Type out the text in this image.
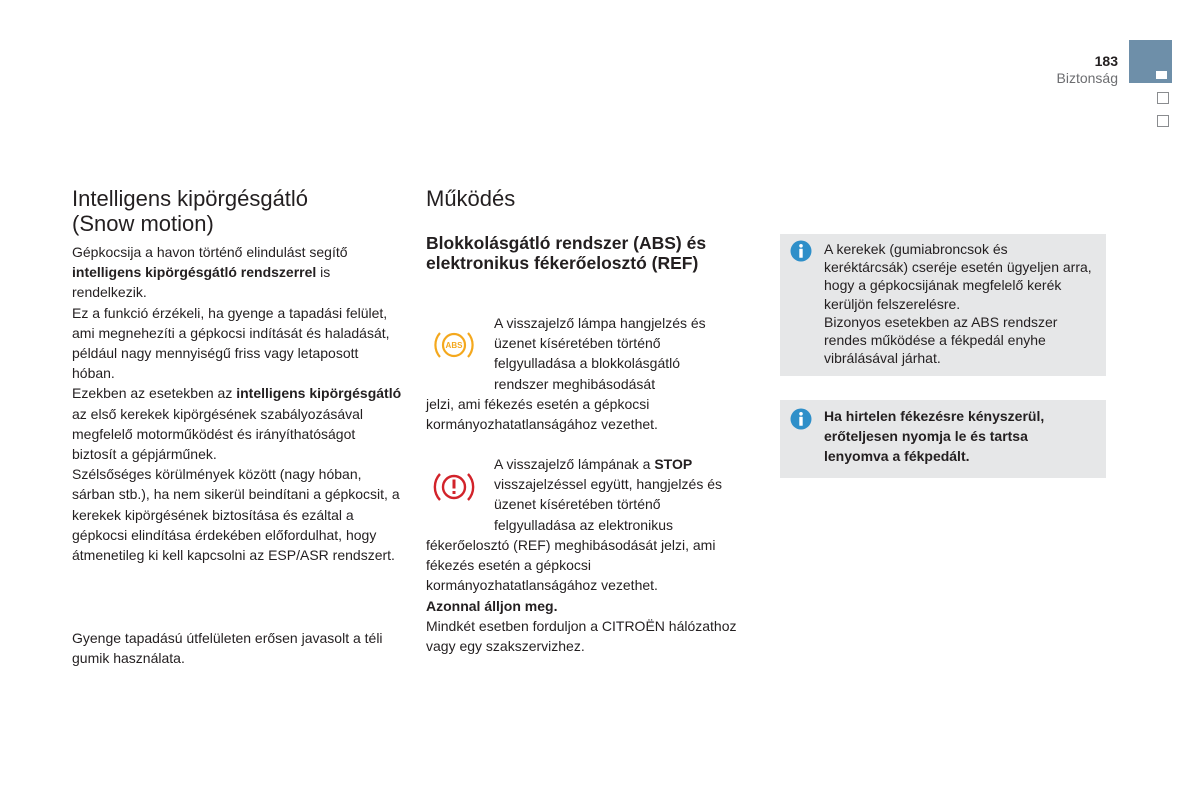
183
Biztonság
Intelligens kipörgésgátló
(Snow motion)

Gépkocsija a havon történő elindulást segítő intelligens kipörgésgátló rendszerrel is rendelkezik.

Ez a funkció érzékeli, ha gyenge a tapadási felület, ami megnehezíti a gépkocsi indítását és haladását, például nagy mennyiségű friss vagy letaposott hóban.

Ezekben az esetekben az intelligens kipörgésgátló az első kerekek kipörgésének szabályozásával megfelelő motorműködést és irányíthatóságot biztosít a gépjárműnek.

Szélsőséges körülmények között (nagy hóban, sárban stb.), ha nem sikerül beindítani a gépkocsit, a kerekek kipörgésének biztosítása és ezáltal a gépkocsi elindítása érdekében előfordulhat, hogy átmenetileg ki kell kapcsolni az ESP/ASR rendszert.

Gyenge tapadású útfelületen erősen javasolt a téli gumik használata.
Működés
Blokkolásgátló rendszer (ABS) és elektronikus fékerőelosztó (REF)
ABS
A visszajelző lámpa hangjelzés és üzenet kíséretében történő felgyulladása a blokkolásgátló rendszer meghibásodását
jelzi, ami fékezés esetén a gépkocsi kormányozhatatlanságához vezethet.
A visszajelző lámpának a STOP visszajelzéssel együtt, hangjelzés és üzenet kíséretében történő felgyulladása az elektronikus
fékerőelosztó (REF) meghibásodását jelzi, ami fékezés esetén a gépkocsi kormányozhatatlanságához vezethet.
Azonnal álljon meg.
Mindkét esetben forduljon a CITROËN hálózathoz vagy egy szakszervizhez.
A kerekek (gumiabroncsok és keréktárcsák) cseréje esetén ügyeljen arra, hogy a gépkocsijának megfelelő kerék kerüljön felszerelésre.
Bizonyos esetekben az ABS rendszer rendes működése a fékpedál enyhe vibrálásával járhat.
Ha hirtelen fékezésre kényszerül, erőteljesen nyomja le és tartsa lenyomva a fékpedált.
